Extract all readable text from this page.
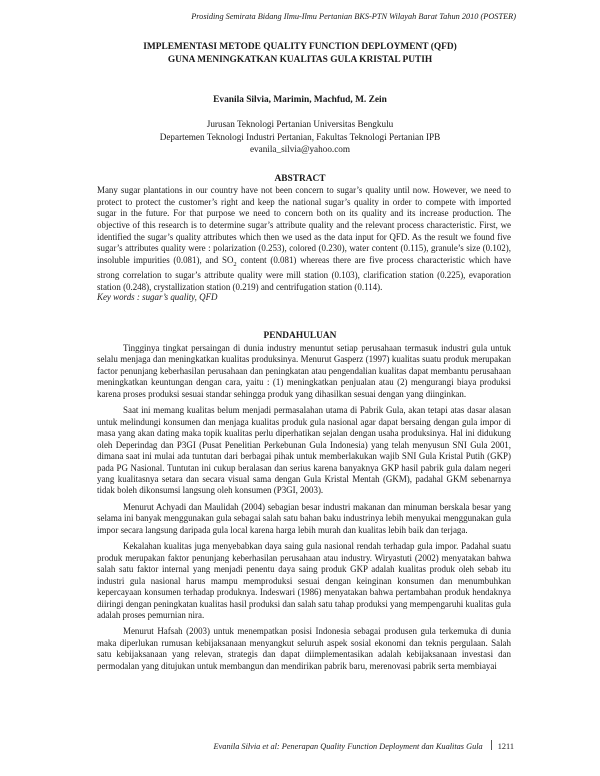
Prosiding Semirata Bidang Ilmu-Ilmu Pertanian BKS-PTN Wilayah Barat Tahun 2010 (POSTER)
IMPLEMENTASI METODE QUALITY FUNCTION DEPLOYMENT (QFD)
GUNA MENINGKATKAN KUALITAS GULA KRISTAL PUTIH
Evanila Silvia, Marimin, Machfud, M. Zein
Jurusan Teknologi Pertanian Universitas Bengkulu
Departemen Teknologi Industri Pertanian, Fakultas Teknologi Pertanian IPB
evanila_silvia@yahoo.com
ABSTRACT

Many sugar plantations in our country have not been concern to sugar’s quality until now. However, we need to protect to protect the customer’s right and keep the national sugar’s quality in order to compete with imported sugar in the future. For that purpose we need to concern both on its quality and its increase production. The objective of this research is to determine sugar’s attribute quality and the relevant process characteristic. First, we identified the sugar’s quality attributes which then we used as the data input for QFD. As the result we found five sugar’s attributes quality were : polarization (0.253), colored (0.230), water content (0.115), granule’s size (0.102), insoluble impurities (0.081), and $SO_2$ content (0.081) whereas there are five process characteristic which have strong correlation to sugar’s attribute quality were mill station (0.103), clarification station (0.225), evaporation station (0.248), crystallization station (0.219) and centrifugation station (0.114).

Key words : sugar’s quality, QFD
PENDAHULUAN

Tingginya tingkat persaingan di dunia industry menuntut setiap perusahaan termasuk industri gula untuk selalu menjaga dan meningkatkan kualitas produksinya. Menurut Gasperz (1997) kualitas suatu produk merupakan factor penunjang keberhasilan perusahaan dan peningkatan atau pengendalian kualitas dapat membantu perusahaan meningkatkan keuntungan dengan cara, yaitu : (1) meningkatkan penjualan atau (2) mengurangi biaya produksi karena proses produksi sesuai standar sehingga produk yang dihasilkan sesuai dengan yang diinginkan.

Saat ini memang kualitas belum menjadi permasalahan utama di Pabrik Gula, akan tetapi atas dasar alasan untuk melindungi konsumen dan menjaga kualitas produk gula nasional agar dapat bersaing dengan gula impor di masa yang akan dating maka topik kualitas perlu diperhatikan sejalan dengan usaha produksinya. Hal ini didukung oleh Deperindag dan P3GI (Pusat Penelitian Perkebunan Gula Indonesia) yang telah menyusun SNI Gula 2001, dimana saat ini mulai ada tuntutan dari berbagai pihak untuk memberlakukan wajib SNI Gula Kristal Putih (GKP) pada PG Nasional. Tuntutan ini cukup beralasan dan serius karena banyaknya GKP hasil pabrik gula dalam negeri yang kualitasnya setara dan secara visual sama dengan Gula Kristal Mentah (GKM), padahal GKM sebenarnya tidak boleh dikonsumsi langsung oleh konsumen (P3GI, 2003).

Menurut Achyadi dan Maulidah (2004) sebagian besar industri makanan dan minuman berskala besar yang selama ini banyak menggunakan gula sebagai salah satu bahan baku industrinya lebih menyukai menggunakan gula impor secara langsung daripada gula local karena harga lebih murah dan kualitas lebih baik dan terjaga.

Kekalahan kualitas juga menyebabkan daya saing gula nasional rendah terhadap gula impor. Padahal suatu produk merupakan faktor penunjang keberhasilan perusahaan atau industry. Wiryastuti (2002) menyatakan bahwa salah satu faktor internal yang menjadi penentu daya saing produk GKP adalah kualitas produk oleh sebab itu industri gula nasional harus mampu memproduksi sesuai dengan keinginan konsumen dan menumbuhkan kepercayaan konsumen terhadap produknya. Indeswari (1986) menyatakan bahwa pertambahan produk hendaknya diiringi dengan peningkatan kualitas hasil produksi dan salah satu tahap produksi yang mempengaruhi kualitas gula adalah proses pemurnian nira.

Menurut Hafsah (2003) untuk menempatkan posisi Indonesia sebagai produsen gula terkemuka di dunia maka diperlukan rumusan kebijaksanaan menyangkut seluruh aspek sosial ekonomi dan teknis pergulaan. Salah satu kebijaksanaan yang relevan, strategis dan dapat diimplementasikan adalah kebijaksanaan investasi dan permodalan yang ditujukan untuk membangun dan mendirikan pabrik baru, merenovasi pabrik serta membiayai

Evanila Silvia et al: Penerapan Quality Function Deployment dan Kualitas Gula 1211
